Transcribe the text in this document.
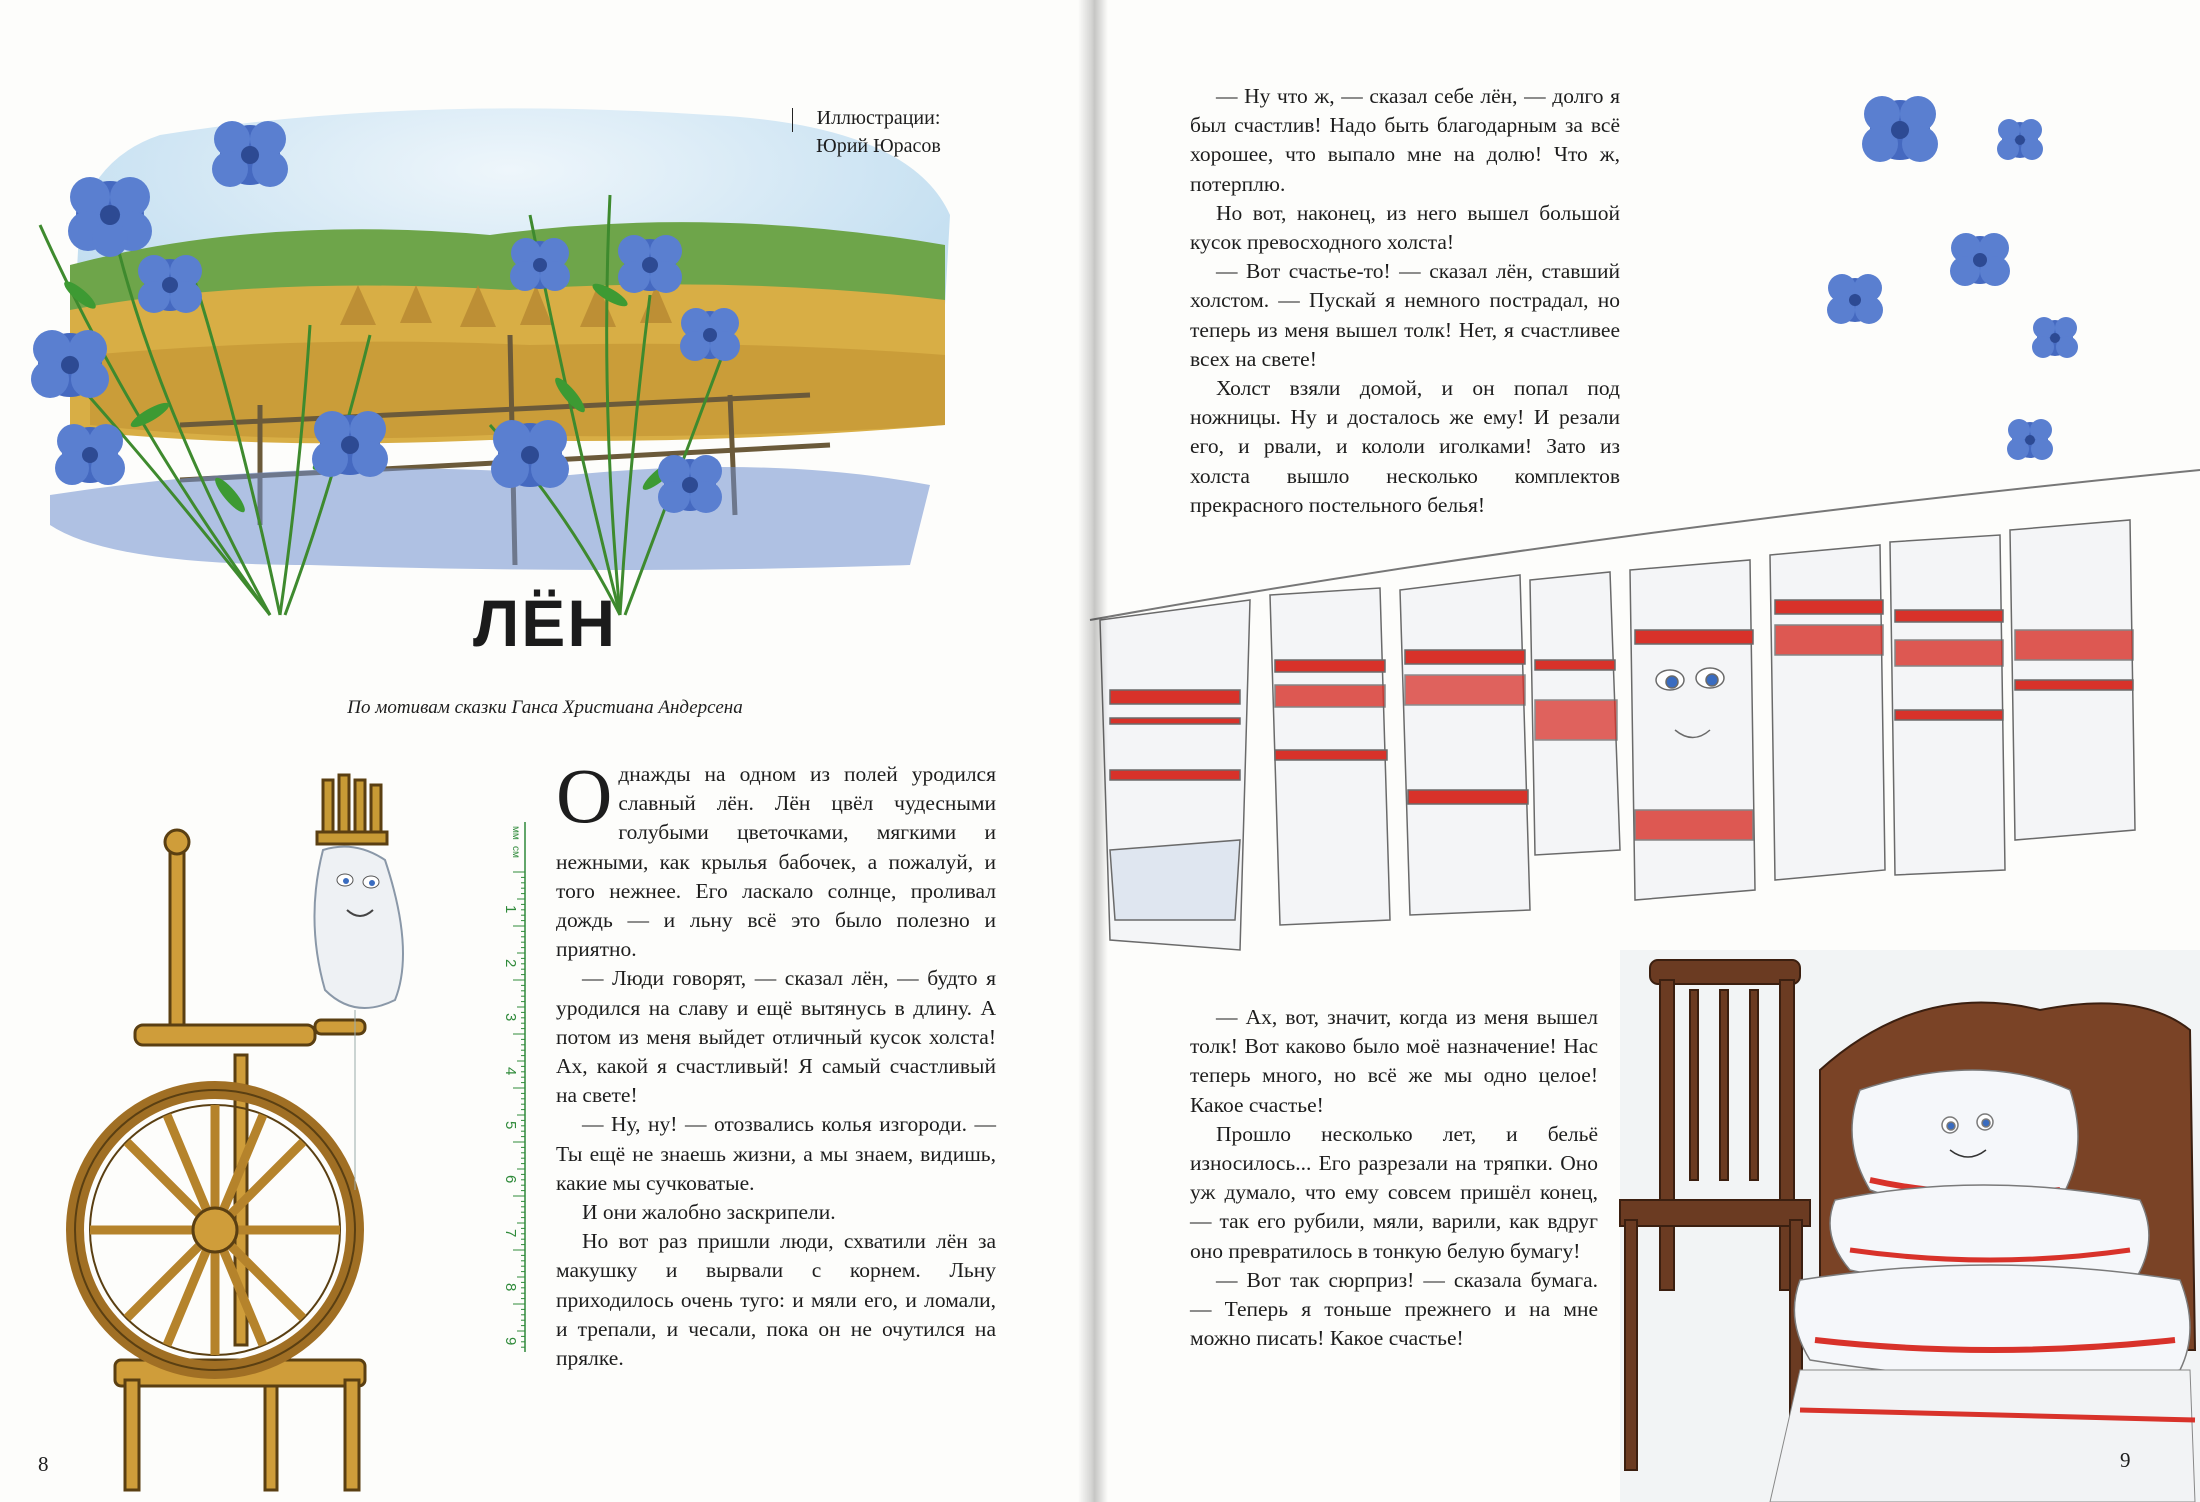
Иллюстрации:
Юрий Юрасов
ЛЁН
По мотивам сказки Ганса Христиана Андерсена
1
2
3
4
5
6
7
8
9
мм
см

Однажды на одном из полей уродился славный лён. Лён цвёл чудесными голубыми цветочками, мягкими и нежными, как крылья бабочек, а пожалуй, и того нежнее. Его ласкало солнце, проливал дождь — и льну всё это было полезно и приятно.

— Люди говорят, — сказал лён, — будто я уродился на славу и ещё вытянусь в длину. А потом из меня выйдет отличный кусок холста! Ах, какой я счастливый! Я самый счастливый на свете!

— Ну, ну! — отозвались колья изгороди. — Ты ещё не знаешь жизни, а мы знаем, видишь, какие мы сучковатые.

И они жалобно заскрипели.

Но вот раз пришли люди, схватили лён за макушку и вырвали с корнем. Льну приходилось очень туго: и мяли его, и ломали, и трепали, и чесали, пока он не очутился на прялке.

8

— Ну что ж, — сказал себе лён, — долго я был счастлив! Надо быть благодарным за всё хорошее, что выпало мне на долю! Что ж, потерплю.

Но вот, наконец, из него вышел большой кусок превосходного холста!

— Вот счастье-то! — сказал лён, ставший холстом. — Пускай я немного пострадал, но теперь из меня вышел толк! Нет, я счастливее всех на свете!

Холст взяли домой, и он попал под ножницы. Ну и досталось же ему! И резали его, и рвали, и кололи иголками! Зато из холста вышло несколько комплектов прекрасного постельного белья!

— Ах, вот, значит, когда из меня вышел толк! Вот каково было моё назначение! Нас теперь много, но всё же мы одно целое! Какое счастье!

Прошло несколько лет, и бельё износилось... Его разрезали на тряпки. Оно уж думало, что ему совсем пришёл конец, — так его рубили, мяли, варили, как вдруг оно превратилось в тонкую белую бумагу!

— Вот так сюрприз! — сказала бумага. — Теперь я тоньше прежнего и на мне можно писать! Какое счастье!

9
